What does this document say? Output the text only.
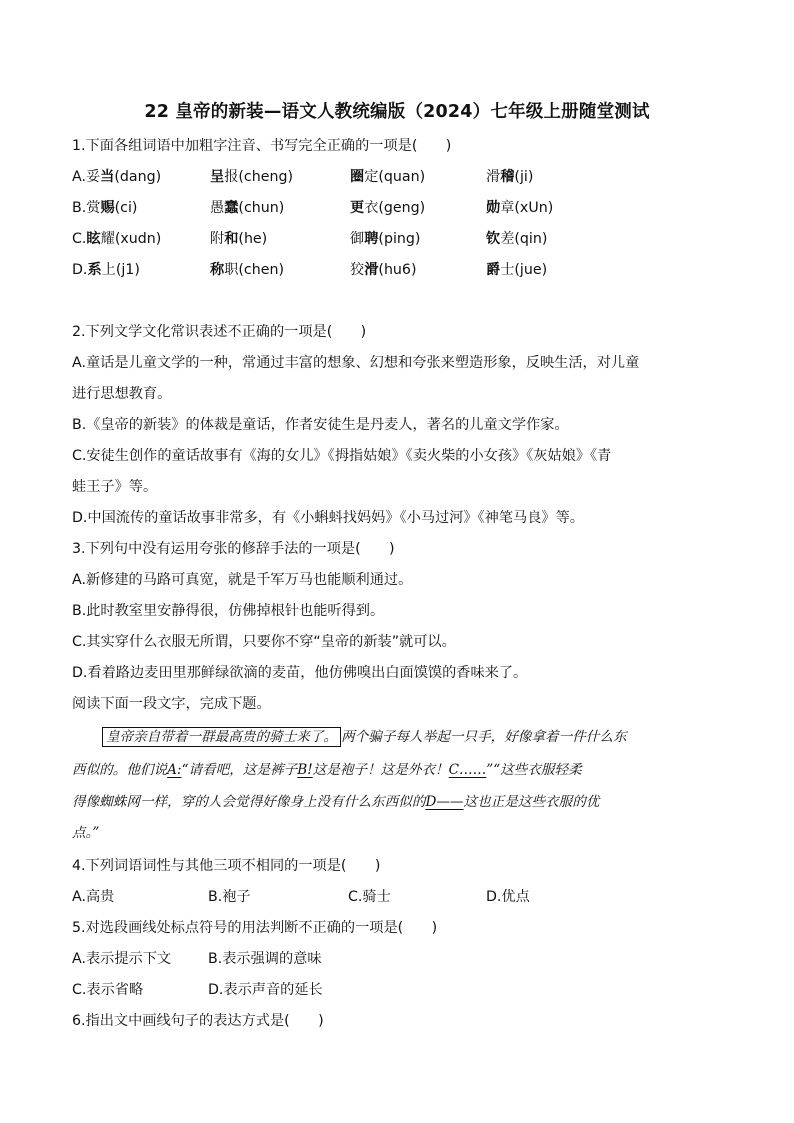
22 皇帝的新装—语文人教统编版（2024）七年级上册随堂测试
1.下面各组词语中加粗字注音、书写完全正确的一项是(　　)
A.妥当(dang)	呈报(cheng)	圈定(quan)	滑稽(ji)
B.赏赐(ci)	愚蠢(chun)	更衣(geng)	勋章(xUn)
C.眩耀(xudn)	附和(he)	御聘(ping)	钦差(qin)
D.系上(j1)	称职(chen)	狡滑(hu6)	爵士(jue)
2.下列文学文化常识表述不正确的一项是(　　)
A.童话是儿童文学的一种，常通过丰富的想象、幻想和夸张来塑造形象，反映生活，对儿童
进行思想教育。
B.《皇帝的新装》的体裁是童话，作者安徒生是丹麦人，著名的儿童文学作家。
C.安徒生创作的童话故事有《海的女儿》《拇指姑娘》《卖火柴的小女孩》《灰姑娘》《青
蛙王子》等。
D.中国流传的童话故事非常多，有《小蝌蚪找妈妈》《小马过河》《神笔马良》等。
3.下列句中没有运用夸张的修辞手法的一项是(　　)
A.新修建的马路可真宽，就是千军万马也能顺利通过。
B.此时教室里安静得很，仿佛掉根针也能听得到。
C.其实穿什么衣服无所谓，只要你不穿“皇帝的新装”就可以。
D.看着路边麦田里那鲜绿欲滴的麦苗，他仿佛嗅出白面馍馍的香味来了。
阅读下面一段文字，完成下题。
皇帝亲自带着一群最高贵的骑士来了。 两个骗子每人举起一只手，好像拿着一件什么东
西似的。他们说A:“请看吧，这是裤子B!这是袍子！这是外衣！C……”“这些衣服轻柔
得像蜘蛛网一样，穿的人会觉得好像身上没有什么东西似的D——这也正是这些衣服的优
点。”
4.下列词语词性与其他三项不相同的一项是(　　)
A.高贵	B.袍子	C.骑士	D.优点
5.对选段画线处标点符号的用法判断不正确的一项是(　　)
A.表示提示下文	B.表示强调的意味
C.表示省略	D.表示声音的延长
6.指出文中画线句子的表达方式是(　　)
